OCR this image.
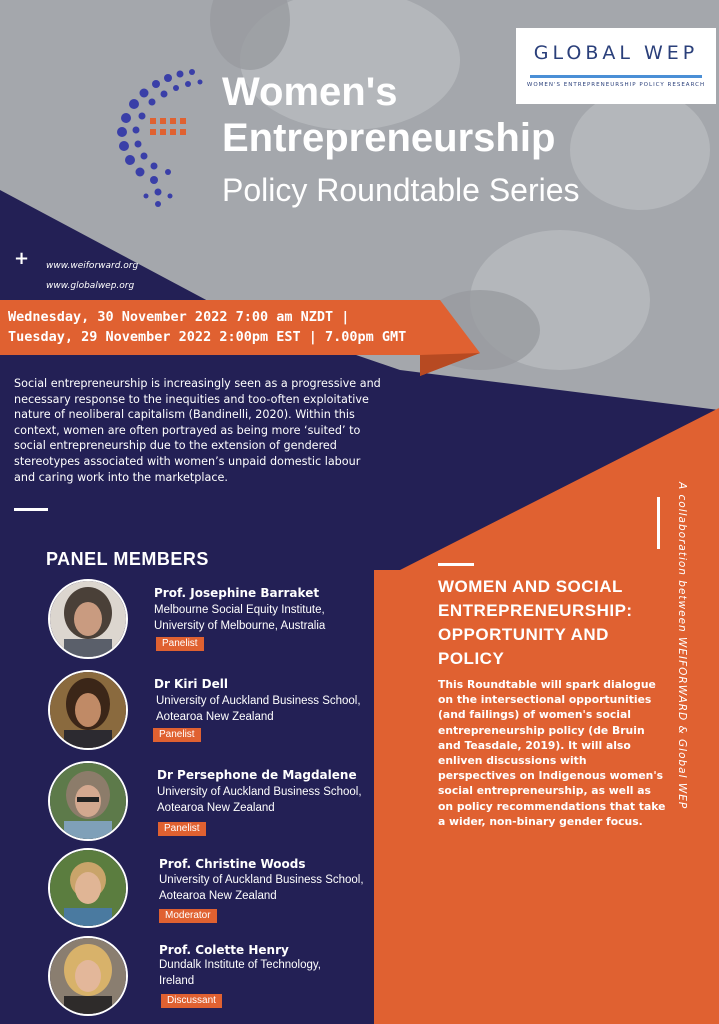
Women's
Entrepreneurship
Policy Roundtable Series
GLOBAL WEP
WOMEN'S ENTREPRENEURSHIP POLICY RESEARCH
+ www.weiforward.org
www.globalwep.org
Wednesday, 30 November 2022 7:00 am NZDT |
Tuesday, 29 November 2022 2:00pm EST | 7.00pm GMT
Social entrepreneurship is increasingly seen as a progressive and necessary response to the inequities and too-often exploitative nature of neoliberal capitalism (Bandinelli, 2020). Within this context, women are often portrayed as being more ‘suited’ to social entrepreneurship due to the extension of gendered stereotypes associated with women’s unpaid domestic labour and caring work into the marketplace.
PANEL MEMBERS
Prof. Josephine Barraket
Melbourne Social Equity Institute,
University of Melbourne, Australia
Panelist
Dr Kiri Dell
University of Auckland Business School,
Aotearoa New Zealand
Panelist
Dr Persephone de Magdalene
University of Auckland Business School,
Aotearoa New Zealand
Panelist
Prof. Christine Woods
University of Auckland Business School,
Aotearoa New Zealand
Moderator
Prof. Colette Henry
Dundalk Institute of Technology,
Ireland
Discussant
WOMEN AND SOCIAL ENTREPRENEURSHIP: OPPORTUNITY AND POLICY
This Roundtable will spark dialogue on the intersectional opportunities (and failings) of women's social entrepreneurship policy (de Bruin and Teasdale, 2019). It will also enliven discussions with perspectives on Indigenous women's social entrepreneurship, as well as on policy recommendations that take a wider, non-binary gender focus.
A collaboration between WEIFORWARD & Global WEP
